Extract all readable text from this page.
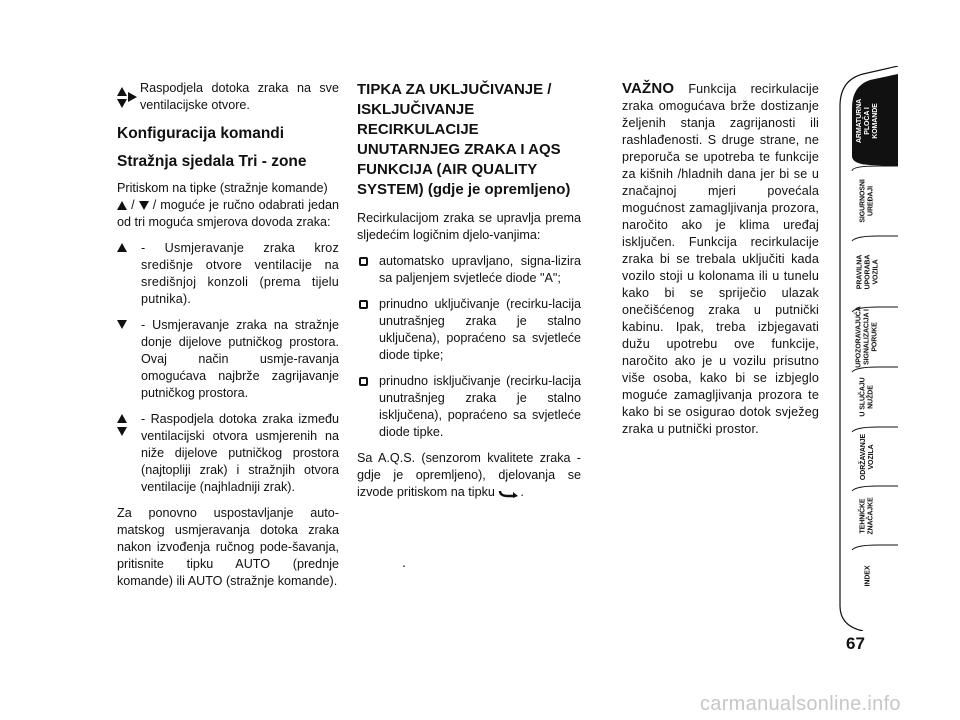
Raspodjela dotoka zraka na sve ventilacijske otvore.
Konfiguracija komandi
Stražnja sjedala Tri - zone

Pritiskom na tipke (stražnje komande)
/ / moguće je ručno odabrati jedan od tri moguća smjerova dovoda zraka:

- Usmjeravanje zraka kroz središnje otvore ventilacije na središnjoj konzoli (prema tijelu putnika).
- Usmjeravanje zraka na stražnje donje dijelove putničkog prostora. Ovaj način usmje-ravanja omogućava najbrže zagrijavanje putničkog prostora.
- Raspodjela dotoka zraka između ventilacijski otvora usmjerenih na niže dijelove putničkog prostora (najtopliji zrak) i stražnjih otvora ventilacije (najhladniji zrak).

Za ponovno uspostavljanje auto-matskog usmjeravanja dotoka zraka nakon izvođenja ručnog pode-šavanja, pritisnite tipku AUTO (prednje komande) ili AUTO (stražnje komande).

TIPKA ZA UKLJUČIVANJE / ISKLJUČIVANJE RECIRKULACIJE UNUTARNJEG ZRAKA I AQS FUNKCIJA (AIR QUALITY SYSTEM) (gdje je opremljeno)

Recirkulacijom zraka se upravlja prema sljedećim logičnim djelo-vanjima:

automatsko upravljano, signa-lizira sa paljenjem svjetleće diode "A";
prinudno uključivanje (recirku-lacija unutrašnjeg zraka je stalno uključena), popraćeno sa svjetleće diode tipke;
prinudno isključivanje (recirku-lacija unutrašnjeg zraka je stalno isključena), popraćeno sa svjetleće diode tipke.

Sa A.Q.S. (senzorom kvalitete zraka - gdje je opremljeno), djelovanja se izvode pritiskom na tipku .

.

VAŽNO Funkcija recirkulacije zraka omogućava brže dostizanje željenih stanja zagrijanosti ili rashlađenosti. S druge strane, ne preporuča se upotreba te funkcije za kišnih /hladnih dana jer bi se u značajnoj mjeri povećala mogućnost zamagljivanja prozora, naročito ako je klima uređaj isključen. Funkcija recirkulacije zraka bi se trebala uključiti kada vozilo stoji u kolonama ili u tunelu kako bi se spriječio ulazak onečišćenog zraka u putnički kabinu. Ipak, treba izbjegavati dužu upotrebu ove funkcije, naročito ako je u vozilu prisutno više osoba, kako bi se izbjeglo moguće zamagljivanja prozora te kako bi se osigurao dotok svježeg zraka u putnički prostor.

ARMATURNA
PLOČA I
KOMANDE
SIGURNOSNI
UREĐAJI
PRAVILNA
UPORABA
VOZILA
UPOZORAVAJUĆA
SIGNALIZACIJA I
PORUKE
U SLUČAJU
NUŽDE
ODRŽAVANJE
VOZILA
TEHNIČKE
ZNAČAJKE
INDEX
67
carmanualsonline.info
